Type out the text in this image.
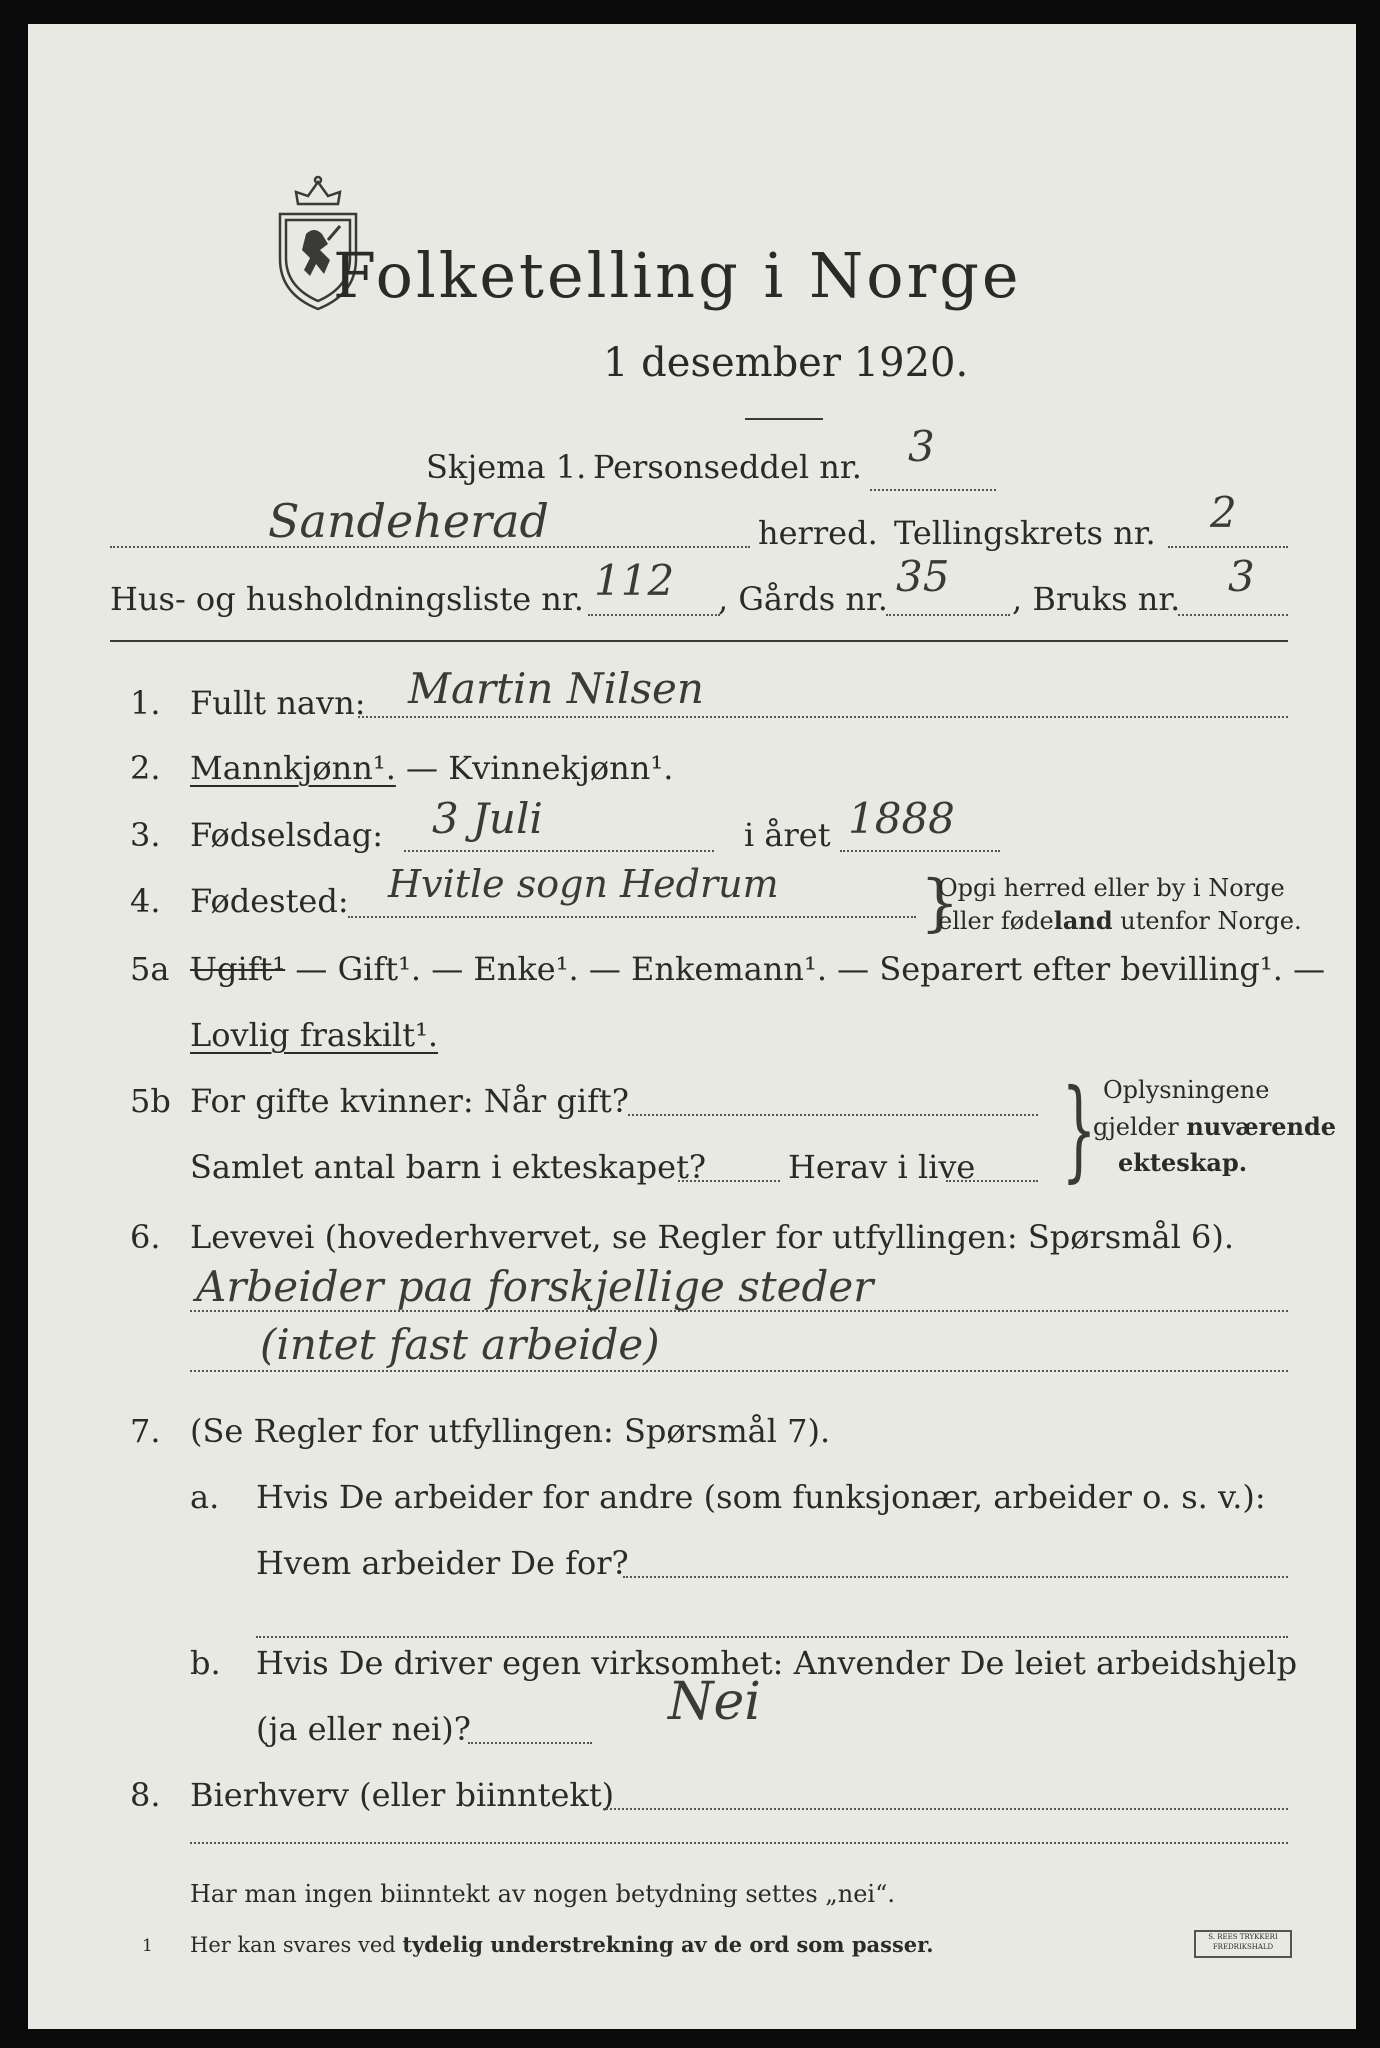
Folketelling i Norge
1 desember 1920.
Skjema 1. Personseddel nr. 3
Sandeherad	herred. Tellingskrets nr. 2
Hus- og husholdningsliste nr. 112 , Gårds nr. 35 , Bruks nr. 3
1. Fullt navn: Martin Nilsen
2. Mannkjønn¹. — Kvinnekjønn¹.
3. Fødselsdag: 3 Juli	i året 1888
4. Fødested: Hvitle sogn Hedrum }
Opgi herred eller by i Norge
eller fødeland utenfor Norge.
5a Ugift¹ — Gift¹. — Enke¹. — Enkemann¹. — Separert efter bevilling¹. —
Lovlig fraskilt¹.
5b For gifte kvinner: Når gift?
Samlet antal barn i ekteskapet?	Herav i live } Oplysningene
gjelder nuværende
ekteskap.
6. Levevei (hovederhvervet, se Regler for utfyllingen: Spørsmål 6).
Arbeider paa forskjellige steder
(intet fast arbeide)
7. (Se Regler for utfyllingen: Spørsmål 7).
a. Hvis De arbeider for andre (som funksjonær, arbeider o. s. v.):
Hvem arbeider De for?
b. Hvis De driver egen virksomhet: Anvender De leiet arbeidshjelp
(ja eller nei)?	Nei
8. Bierhverv (eller biinntekt)
Har man ingen biinntekt av nogen betydning settes „nei“.
1 Her kan svares ved tydelig understrekning av de ord som passer.	S. REES TRYKKERI FREDRIKSHALD
